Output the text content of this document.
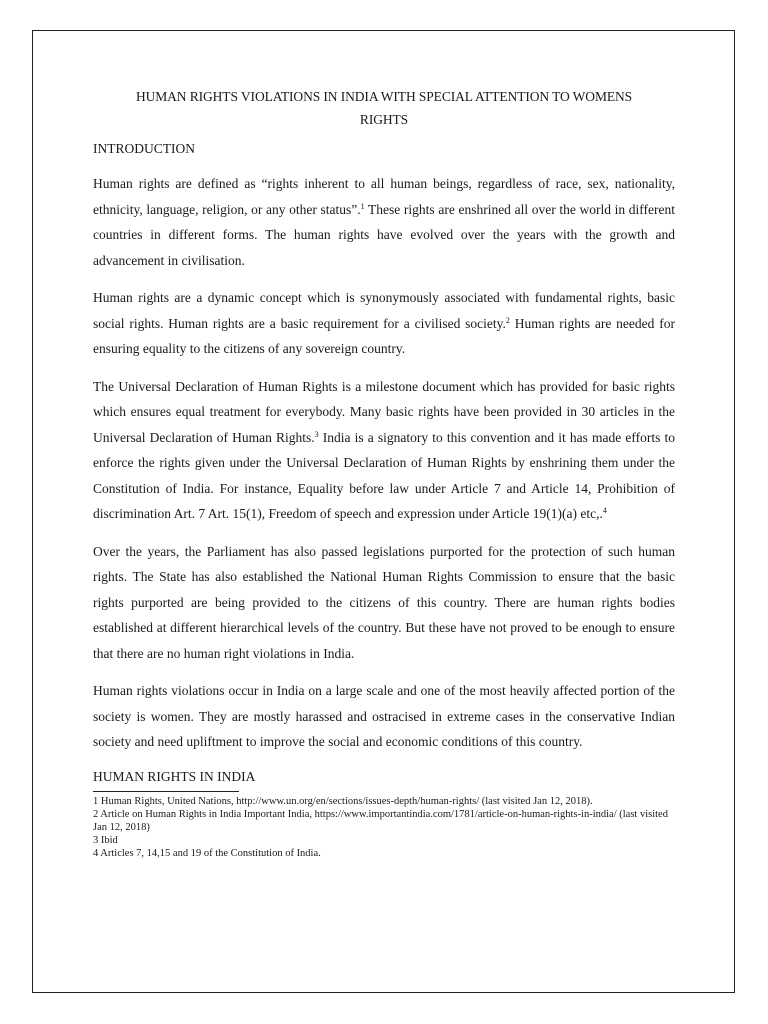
HUMAN RIGHTS VIOLATIONS IN INDIA WITH SPECIAL ATTENTION TO WOMENS
RIGHTS
INTRODUCTION

Human rights are defined as “rights inherent to all human beings, regardless of race, sex, nationality, ethnicity, language, religion, or any other status”.$^1$ These rights are enshrined all over the world in different countries in different forms. The human rights have evolved over the years with the growth and advancement in civilisation.

Human rights are a dynamic concept which is synonymously associated with fundamental rights, basic social rights. Human rights are a basic requirement for a civilised society.$^2$ Human rights are needed for ensuring equality to the citizens of any sovereign country.

The Universal Declaration of Human Rights is a milestone document which has provided for basic rights which ensures equal treatment for everybody. Many basic rights have been provided in 30 articles in the Universal Declaration of Human Rights.$^3$ India is a signatory to this convention and it has made efforts to enforce the rights given under the Universal Declaration of Human Rights by enshrining them under the Constitution of India. For instance, Equality before law under Article 7 and Article 14, Prohibition of discrimination Art. 7 Art. 15(1), Freedom of speech and expression under Article 19(1)(a) etc,.$^4$

Over the years, the Parliament has also passed legislations purported for the protection of such human rights. The State has also established the National Human Rights Commission to ensure that the basic rights purported are being provided to the citizens of this country. There are human rights bodies established at different hierarchical levels of the country. But these have not proved to be enough to ensure that there are no human right violations in India.

Human rights violations occur in India on a large scale and one of the most heavily affected portion of the society is women. They are mostly harassed and ostracised in extreme cases in the conservative Indian society and need upliftment to improve the social and economic conditions of this country.

HUMAN RIGHTS IN INDIA

1 Human Rights, United Nations, http://www.un.org/en/sections/issues-depth/human-rights/ (last visited Jan 12, 2018).

2 Article on Human Rights in India Important India, https://www.importantindia.com/1781/article-on-human-rights-in-india/ (last visited Jan 12, 2018)

3 Ibid

4 Articles 7, 14,15 and 19 of the Constitution of India.
